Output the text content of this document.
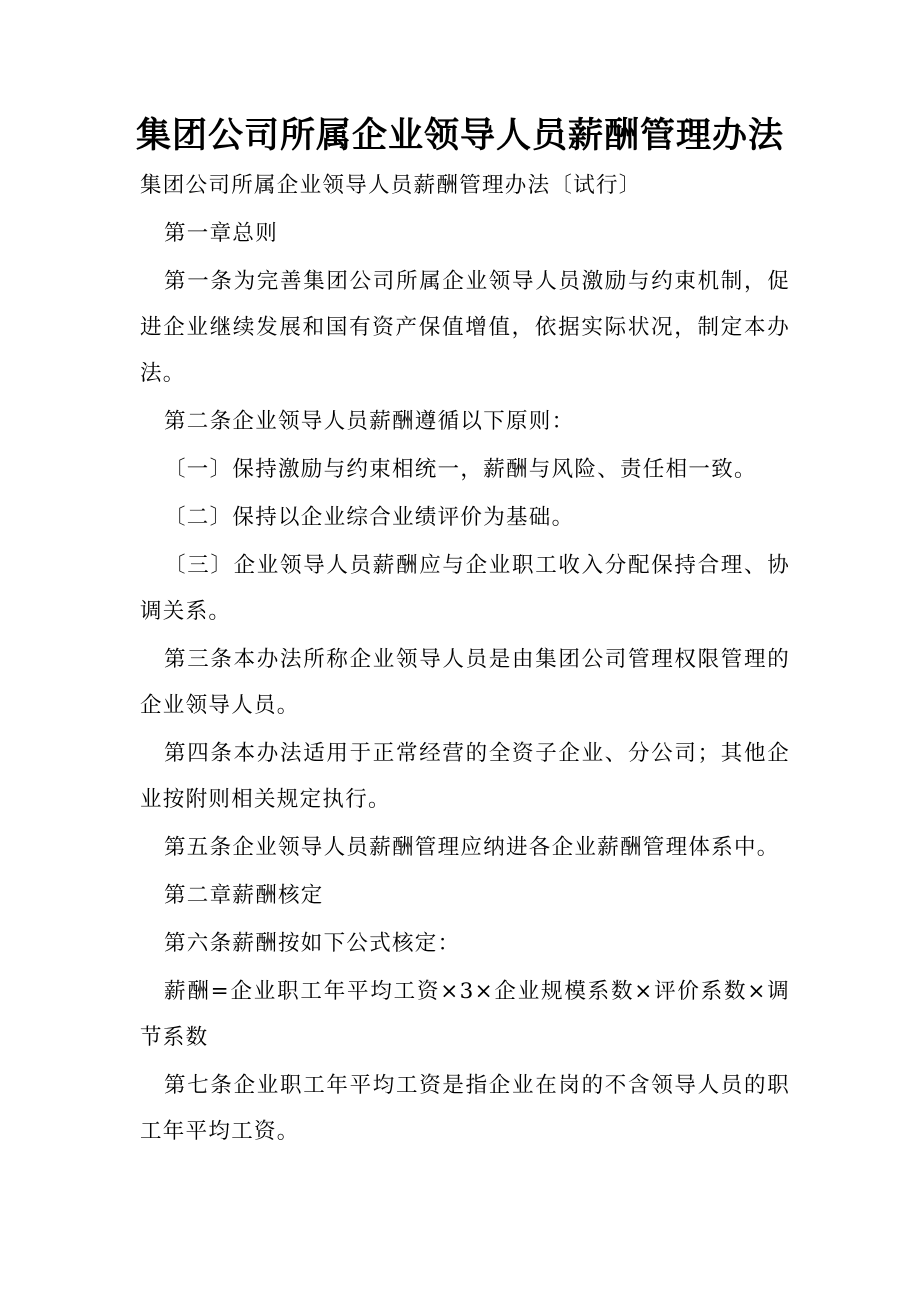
集团公司所属企业领导人员薪酬管理办法

集团公司所属企业领导人员薪酬管理办法〔试行〕

第一章总则

第一条为完善集团公司所属企业领导人员激励与约束机制，促进企业继续发展和国有资产保值增值，依据实际状况，制定本办法。

第二条企业领导人员薪酬遵循以下原则：

〔一〕保持激励与约束相统一，薪酬与风险、责任相一致。

〔二〕保持以企业综合业绩评价为基础。

〔三〕企业领导人员薪酬应与企业职工收入分配保持合理、协调关系。

第三条本办法所称企业领导人员是由集团公司管理权限管理的企业领导人员。

第四条本办法适用于正常经营的全资子企业、分公司；其他企业按附则相关规定执行。

第五条企业领导人员薪酬管理应纳进各企业薪酬管理体系中。

第二章薪酬核定

第六条薪酬按如下公式核定：

薪酬=企业职工年平均工资×3×企业规模系数×评价系数×调节系数

第七条企业职工年平均工资是指企业在岗的不含领导人员的职工年平均工资。
